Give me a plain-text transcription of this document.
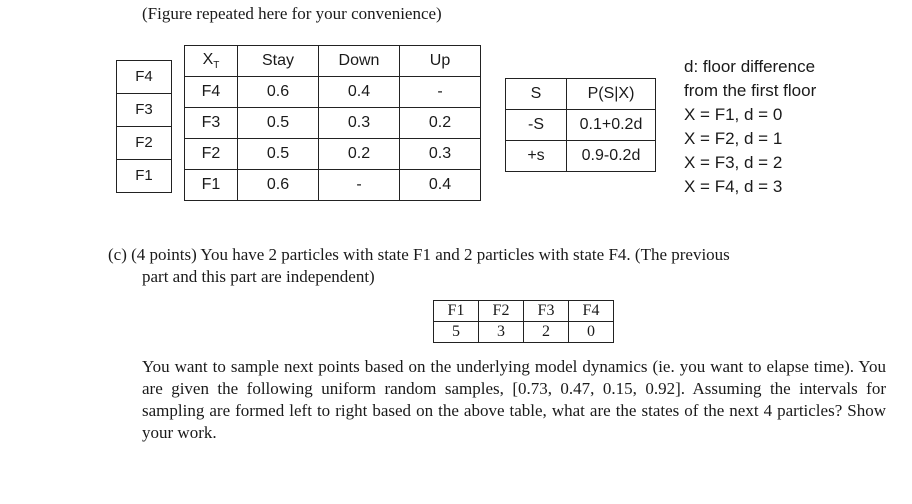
(Figure repeated here for your convenience)
F4
F3
F2
F1
$X_T$	Stay	Down	Up
F4	0.6	0.4	-
F3	0.5	0.3	0.2
F2	0.5	0.2	0.3
F1	0.6	-	0.4
S	P(S|X)
-S	0.1+0.2d
+s	0.9-0.2d
d: floor difference
from the first floor
X = F1, d = 0
X = F2, d = 1
X = F3, d = 2
X = F4, d = 3
(c) (4 points) You have 2 particles with state F1 and 2 particles with state F4. (The previous
part and this part are independent)
F1	F2	F3	F4
5	3	2	0
You want to sample next points based on the underlying model dynamics (ie. you want to elapse time). You are given the following uniform random samples, [0.73, 0.47, 0.15, 0.92]. Assuming the intervals for sampling are formed left to right based on the above table, what are the states of the next 4 particles? Show your work.
